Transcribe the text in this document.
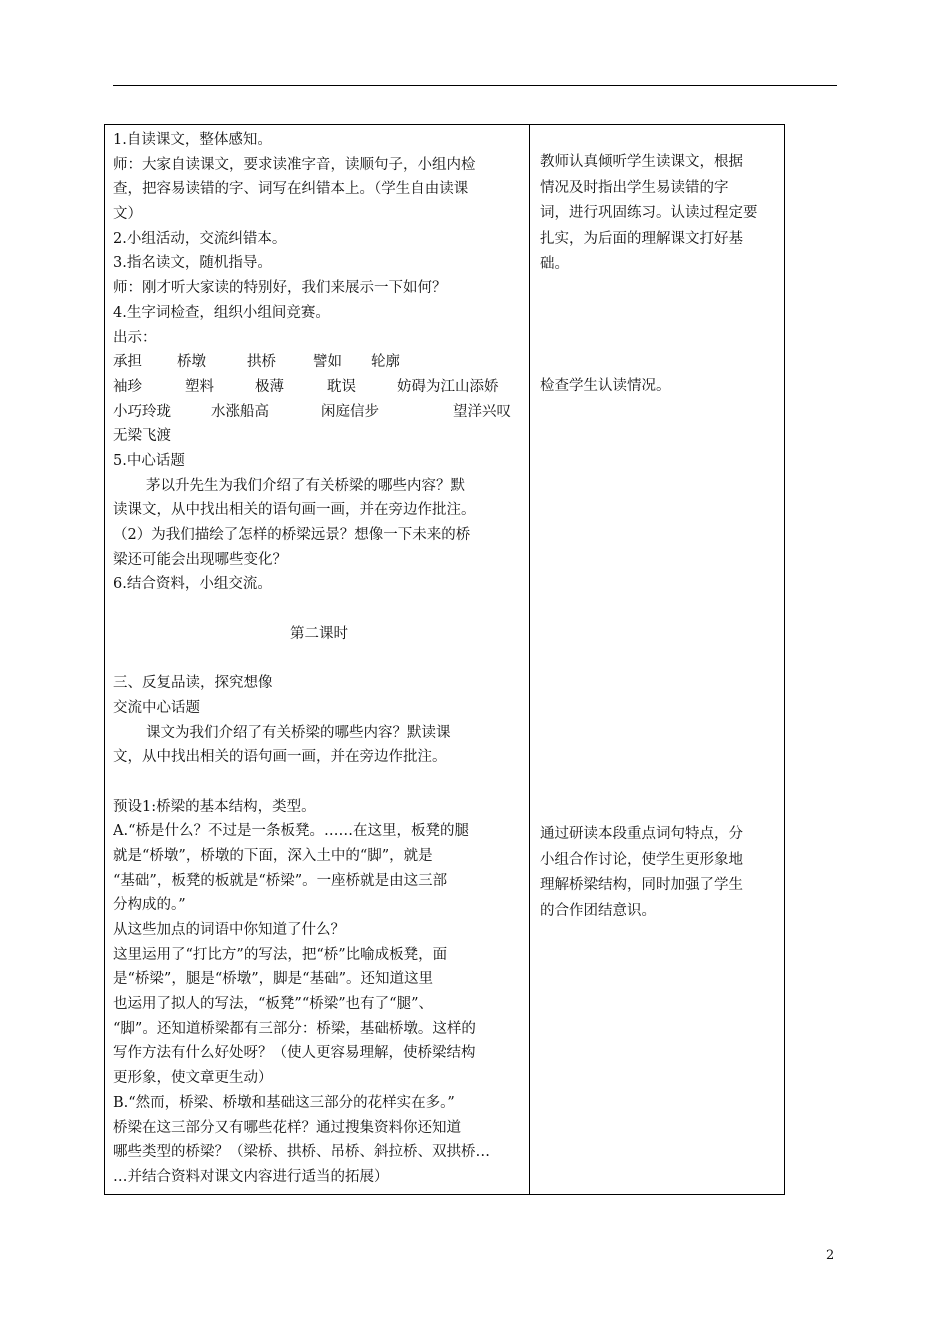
1.自读课文，整体感知。
师：大家自读课文，要求读准字音，读顺句子，小组内检
查，把容易读错的字、词写在纠错本上。（学生自由读课
文）
2.小组活动，交流纠错本。
3.指名读文，随机指导。
师：刚才听大家读的特别好，我们来展示一下如何？
4.生字词检查，组织小组间竞赛。
出示：
承担	桥墩	拱桥	譬如	轮廓
袖珍	塑料	极薄	耽误	妨碍为江山添娇
小巧玲珑	水涨船高	闲庭信步	望洋兴叹
无梁飞渡
5.中心话题
茅以升先生为我们介绍了有关桥梁的哪些内容？默
读课文，从中找出相关的语句画一画，并在旁边作批注。
（2）为我们描绘了怎样的桥梁远景？想像一下未来的桥
梁还可能会出现哪些变化？
6.结合资料，小组交流。
第二课时
三、反复品读，探究想像
交流中心话题
课文为我们介绍了有关桥梁的哪些内容？默读课
文，从中找出相关的语句画一画，并在旁边作批注。
预设1:桥梁的基本结构，类型。
A.“桥是什么？不过是一条板凳。……在这里，板凳的腿
就是“桥墩”，桥墩的下面，深入土中的“脚”，就是
“基础”，板凳的板就是“桥梁”。一座桥就是由这三部
分构成的。”
从这些加点的词语中你知道了什么？
这里运用了“打比方”的写法，把“桥”比喻成板凳，面
是“桥梁”，腿是“桥墩”，脚是“基础”。还知道这里
也运用了拟人的写法，“板凳”“桥梁”也有了“腿”、
“脚”。还知道桥梁都有三部分：桥梁，基础桥墩。这样的
写作方法有什么好处呀？（使人更容易理解，使桥梁结构
更形象，使文章更生动）
B.“然而，桥梁、桥墩和基础这三部分的花样实在多。”
桥梁在这三部分又有哪些花样？通过搜集资料你还知道
哪些类型的桥梁？（梁桥、拱桥、吊桥、斜拉桥、双拱桥…
…并结合资料对课文内容进行适当的拓展）
教师认真倾听学生读课文，根据
情况及时指出学生易读错的字
词，进行巩固练习。认读过程定要
扎实，为后面的理解课文打好基
础。
检查学生认读情况。
通过研读本段重点词句特点，分
小组合作讨论，使学生更形象地
理解桥梁结构，同时加强了学生
的合作团结意识。
2
